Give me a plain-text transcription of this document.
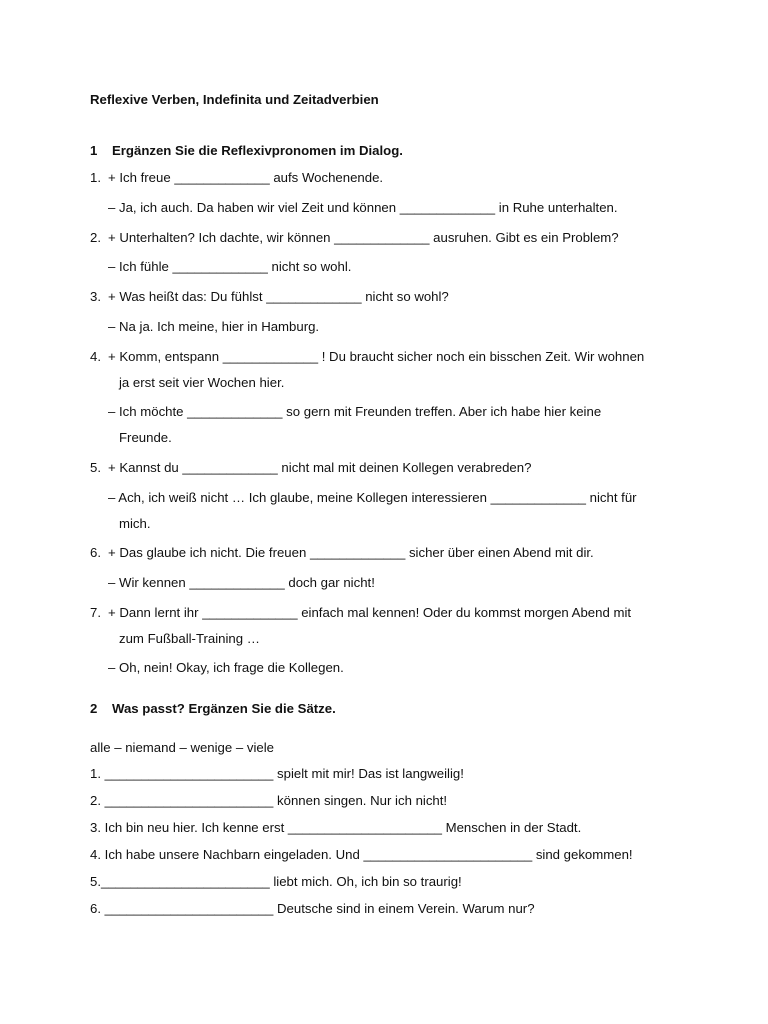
Reflexive Verben, Indefinita und Zeitadverbien
1 Ergänzen Sie die Reflexivpronomen im Dialog.
1. + Ich freue _____________ aufs Wochenende.
– Ja, ich auch. Da haben wir viel Zeit und können _____________ in Ruhe unterhalten.
2. + Unterhalten? Ich dachte, wir können _____________ ausruhen. Gibt es ein Problem?
– Ich fühle _____________ nicht so wohl.
3. + Was heißt das: Du fühlst _____________ nicht so wohl?
– Na ja. Ich meine, hier in Hamburg.
4. + Komm, entspann _____________ ! Du braucht sicher noch ein bisschen Zeit. Wir wohnen
ja erst seit vier Wochen hier.
– Ich möchte _____________ so gern mit Freunden treffen. Aber ich habe hier keine
Freunde.
5. + Kannst du _____________ nicht mal mit deinen Kollegen verabreden?
– Ach, ich weiß nicht … Ich glaube, meine Kollegen interessieren _____________ nicht für
mich.
6. + Das glaube ich nicht. Die freuen _____________ sicher über einen Abend mit dir.
– Wir kennen _____________ doch gar nicht!
7. + Dann lernt ihr _____________ einfach mal kennen! Oder du kommst morgen Abend mit
zum Fußball-Training …
– Oh, nein! Okay, ich frage die Kollegen.
2 Was passt? Ergänzen Sie die Sätze.
alle – niemand – wenige – viele
1. _______________________ spielt mit mir! Das ist langweilig!
2. _______________________ können singen. Nur ich nicht!
3. Ich bin neu hier. Ich kenne erst _____________________ Menschen in der Stadt.
4. Ich habe unsere Nachbarn eingeladen. Und _______________________ sind gekommen!
5._______________________ liebt mich. Oh, ich bin so traurig!
6. _______________________ Deutsche sind in einem Verein. Warum nur?
